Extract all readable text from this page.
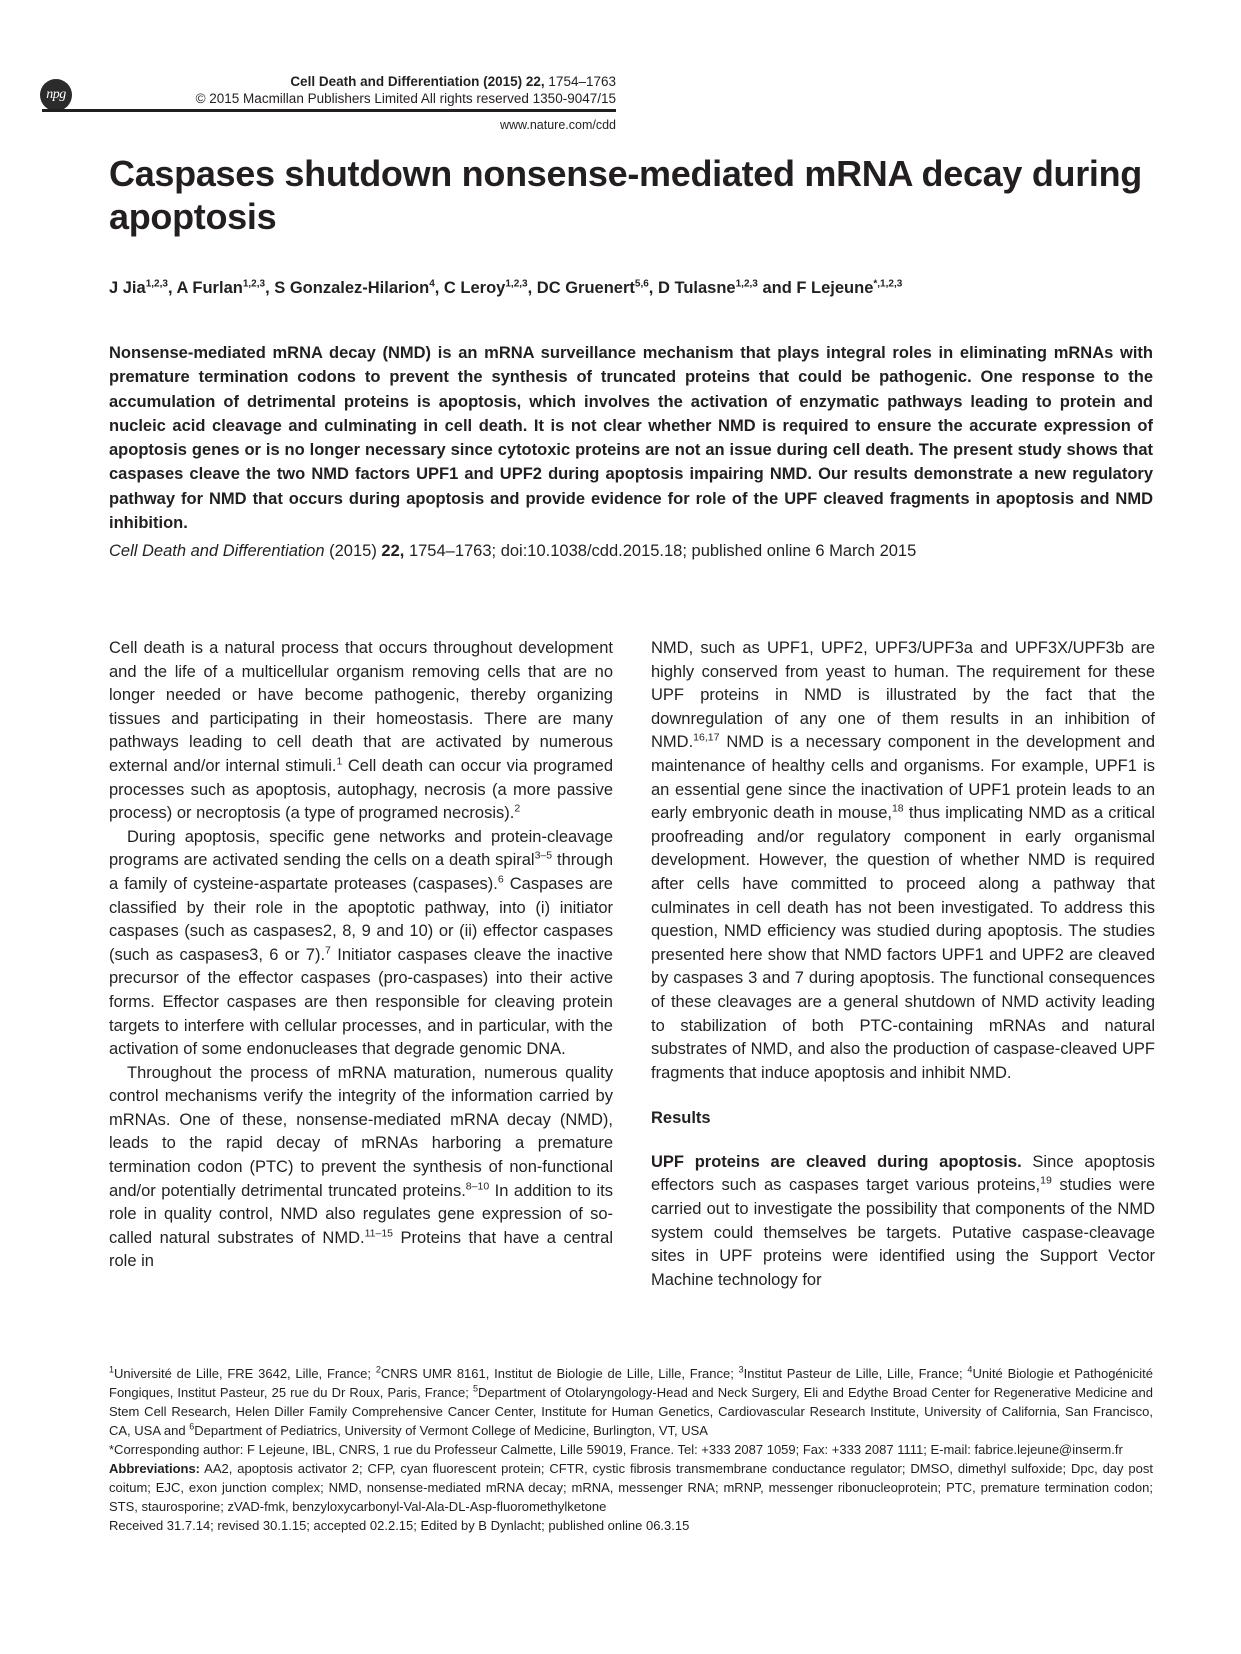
npg
Cell Death and Differentiation (2015) 22, 1754–1763
© 2015 Macmillan Publishers Limited All rights reserved 1350-9047/15
www.nature.com/cdd
Caspases shutdown nonsense-mediated mRNA decay during apoptosis
J Jia$^{1,2,3}$, A Furlan$^{1,2,3}$, S Gonzalez-Hilarion$^4$, C Leroy$^{1,2,3}$, DC Gruenert$^{5,6}$, D Tulasne$^{1,2,3}$ and F Lejeune$^{*,1,2,3}$
Nonsense-mediated mRNA decay (NMD) is an mRNA surveillance mechanism that plays integral roles in eliminating mRNAs with premature termination codons to prevent the synthesis of truncated proteins that could be pathogenic. One response to the accumulation of detrimental proteins is apoptosis, which involves the activation of enzymatic pathways leading to protein and nucleic acid cleavage and culminating in cell death. It is not clear whether NMD is required to ensure the accurate expression of apoptosis genes or is no longer necessary since cytotoxic proteins are not an issue during cell death. The present study shows that caspases cleave the two NMD factors UPF1 and UPF2 during apoptosis impairing NMD. Our results demonstrate a new regulatory pathway for NMD that occurs during apoptosis and provide evidence for role of the UPF cleaved fragments in apoptosis and NMD inhibition.
Cell Death and Differentiation (2015) 22, 1754–1763; doi:10.1038/cdd.2015.18; published online 6 March 2015

Cell death is a natural process that occurs throughout development and the life of a multicellular organism removing cells that are no longer needed or have become pathogenic, thereby organizing tissues and participating in their homeostasis. There are many pathways leading to cell death that are activated by numerous external and/or internal stimuli.$^1$ Cell death can occur via programed processes such as apoptosis, autophagy, necrosis (a more passive process) or necroptosis (a type of programed necrosis).$^2$

During apoptosis, specific gene networks and protein-cleavage programs are activated sending the cells on a death spiral$^{3-5}$ through a family of cysteine-aspartate proteases (caspases).$^6$ Caspases are classified by their role in the apoptotic pathway, into (i) initiator caspases (such as caspases2, 8, 9 and 10) or (ii) effector caspases (such as caspases3, 6 or 7).$^7$ Initiator caspases cleave the inactive precursor of the effector caspases (pro-caspases) into their active forms. Effector caspases are then responsible for cleaving protein targets to interfere with cellular processes, and in particular, with the activation of some endonucleases that degrade genomic DNA.

Throughout the process of mRNA maturation, numerous quality control mechanisms verify the integrity of the information carried by mRNAs. One of these, nonsense-mediated mRNA decay (NMD), leads to the rapid decay of mRNAs harboring a premature termination codon (PTC) to prevent the synthesis of non-functional and/or potentially detrimental truncated proteins.$^{8-10}$ In addition to its role in quality control, NMD also regulates gene expression of so-called natural substrates of NMD.$^{11-15}$ Proteins that have a central role in

NMD, such as UPF1, UPF2, UPF3/UPF3a and UPF3X/UPF3b are highly conserved from yeast to human. The requirement for these UPF proteins in NMD is illustrated by the fact that the downregulation of any one of them results in an inhibition of NMD.$^{16,17}$ NMD is a necessary component in the development and maintenance of healthy cells and organisms. For example, UPF1 is an essential gene since the inactivation of UPF1 protein leads to an early embryonic death in mouse,$^{18}$ thus implicating NMD as a critical proofreading and/or regulatory component in early organismal development. However, the question of whether NMD is required after cells have committed to proceed along a pathway that culminates in cell death has not been investigated. To address this question, NMD efficiency was studied during apoptosis. The studies presented here show that NMD factors UPF1 and UPF2 are cleaved by caspases 3 and 7 during apoptosis. The functional consequences of these cleavages are a general shutdown of NMD activity leading to stabilization of both PTC-containing mRNAs and natural substrates of NMD, and also the production of caspase-cleaved UPF fragments that induce apoptosis and inhibit NMD.

Results

UPF proteins are cleaved during apoptosis. Since apoptosis effectors such as caspases target various proteins,$^{19}$ studies were carried out to investigate the possibility that components of the NMD system could themselves be targets. Putative caspase-cleavage sites in UPF proteins were identified using the Support Vector Machine technology for

$^1$Université de Lille, FRE 3642, Lille, France; $^2$CNRS UMR 8161, Institut de Biologie de Lille, Lille, France; $^3$Institut Pasteur de Lille, Lille, France; $^4$Unité Biologie et Pathogénicité Fongiques, Institut Pasteur, 25 rue du Dr Roux, Paris, France; $^5$Department of Otolaryngology-Head and Neck Surgery, Eli and Edythe Broad Center for Regenerative Medicine and Stem Cell Research, Helen Diller Family Comprehensive Cancer Center, Institute for Human Genetics, Cardiovascular Research Institute, University of California, San Francisco, CA, USA and $^6$Department of Pediatrics, University of Vermont College of Medicine, Burlington, VT, USA

*Corresponding author: F Lejeune, IBL, CNRS, 1 rue du Professeur Calmette, Lille 59019, France. Tel: +333 2087 1059; Fax: +333 2087 1111; E-mail: fabrice.lejeune@inserm.fr

Abbreviations: AA2, apoptosis activator 2; CFP, cyan fluorescent protein; CFTR, cystic fibrosis transmembrane conductance regulator; DMSO, dimethyl sulfoxide; Dpc, day post coitum; EJC, exon junction complex; NMD, nonsense-mediated mRNA decay; mRNA, messenger RNA; mRNP, messenger ribonucleoprotein; PTC, premature termination codon; STS, staurosporine; zVAD-fmk, benzyloxycarbonyl-Val-Ala-DL-Asp-fluoromethylketone

Received 31.7.14; revised 30.1.15; accepted 02.2.15; Edited by B Dynlacht; published online 06.3.15
